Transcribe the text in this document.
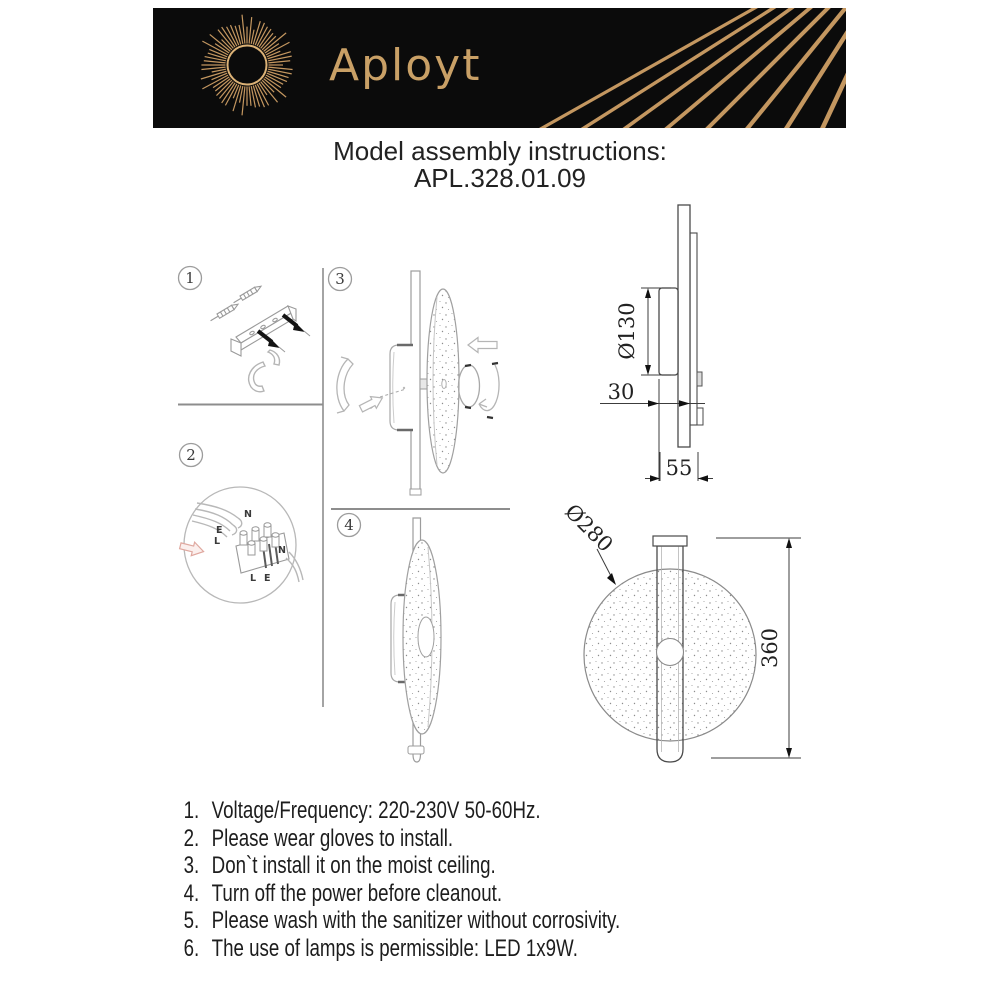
Aployt
Model assembly instructions:
APL.328.01.09
1
2
3
4
N
E
L
N
L E
Ø130
30
55
Ø280
360
1. Voltage/Frequency: 220-230V 50-60Hz.
2. Please wear gloves to install.
3. Don`t install it on the moist ceiling.
4. Turn off the power before cleanout.
5. Please wash with the sanitizer without corrosivity.
6. The use of lamps is permissible: LED 1x9W.
